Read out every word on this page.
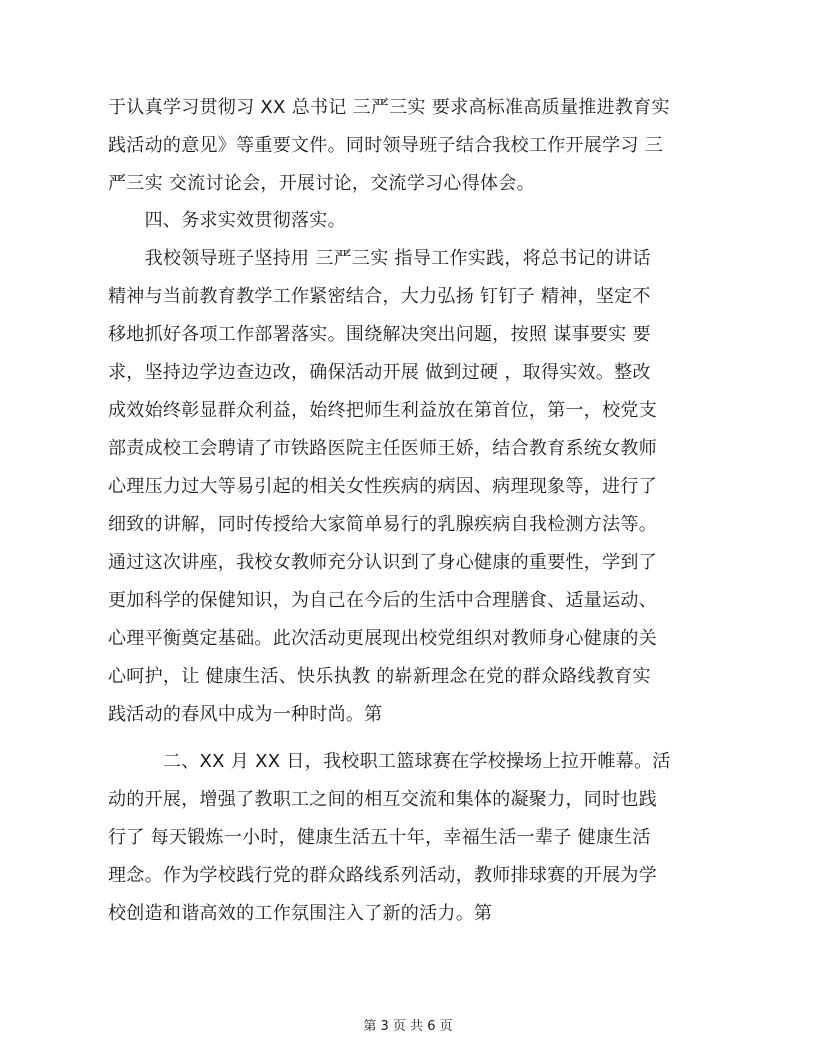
于认真学习贯彻习 XX 总书记 三严三实 要求高标准高质量推进教育实
践活动的意见》等重要文件。同时领导班子结合我校工作开展学习 三
严三实 交流讨论会，开展讨论，交流学习心得体会。
　　四、务求实效贯彻落实。
　　我校领导班子坚持用 三严三实 指导工作实践，将总书记的讲话
精神与当前教育教学工作紧密结合，大力弘扬 钉钉子 精神，坚定不
移地抓好各项工作部署落实。围绕解决突出问题，按照 谋事要实 要
求，坚持边学边查边改，确保活动开展 做到过硬 ，取得实效。整改
成效始终彰显群众利益，始终把师生利益放在第首位，第一，校党支
部责成校工会聘请了市铁路医院主任医师王娇，结合教育系统女教师
心理压力过大等易引起的相关女性疾病的病因、病理现象等，进行了
细致的讲解，同时传授给大家简单易行的乳腺疾病自我检测方法等。
通过这次讲座，我校女教师充分认识到了身心健康的重要性，学到了
更加科学的保健知识，为自己在今后的生活中合理膳食、适量运动、
心理平衡奠定基础。此次活动更展现出校党组织对教师身心健康的关
心呵护，让 健康生活、快乐执教 的崭新理念在党的群众路线教育实
践活动的春风中成为一种时尚。第
　　　二、XX 月 XX 日，我校职工篮球赛在学校操场上拉开帷幕。活
动的开展，增强了教职工之间的相互交流和集体的凝聚力，同时也践
行了 每天锻炼一小时，健康生活五十年，幸福生活一辈子 健康生活
理念。作为学校践行党的群众路线系列活动，教师排球赛的开展为学
校创造和谐高效的工作氛围注入了新的活力。第
第 3 页 共 6 页
